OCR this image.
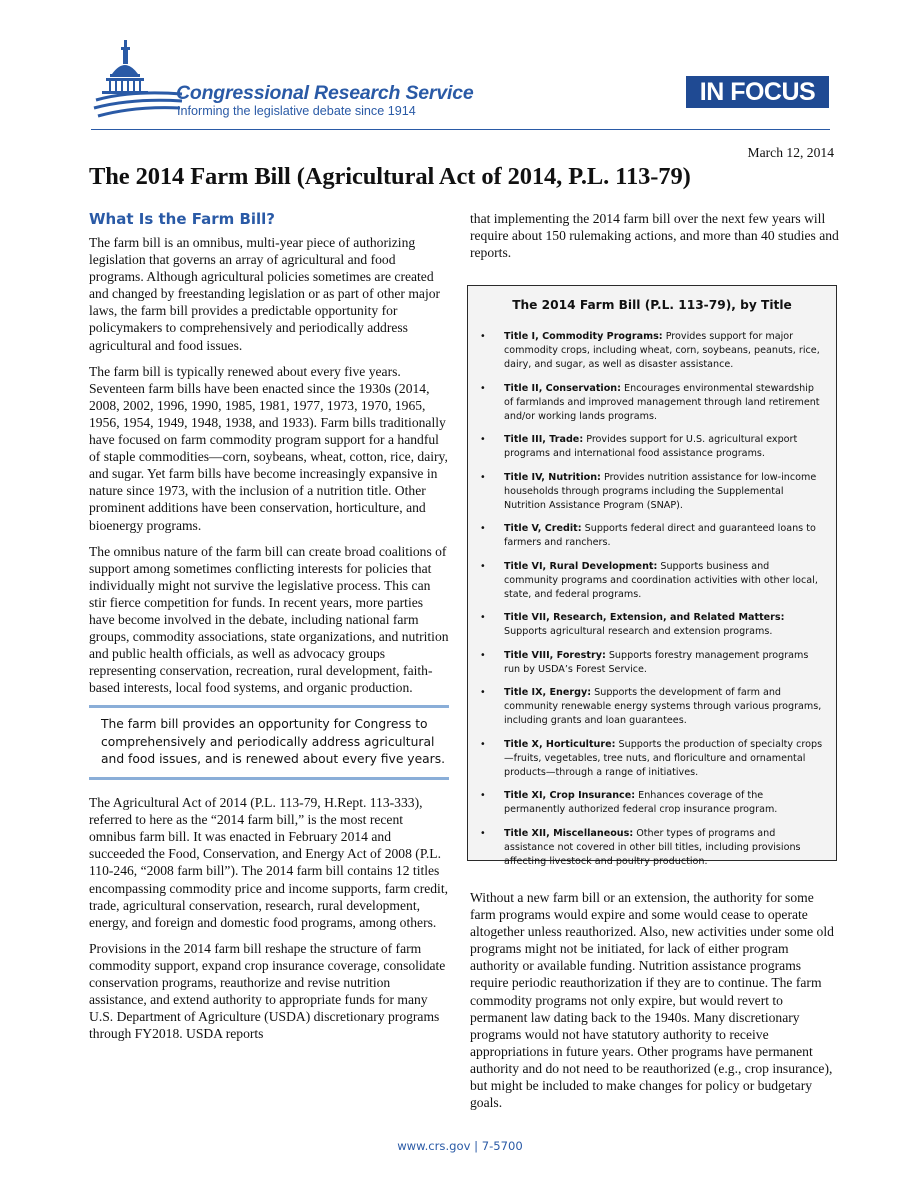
Congressional Research Service
Informing the legislative debate since 1914
IN FOCUS
March 12, 2014
The 2014 Farm Bill (Agricultural Act of 2014, P.L. 113-79)
What Is the Farm Bill?

The farm bill is an omnibus, multi-year piece of authorizing legislation that governs an array of agricultural and food programs. Although agricultural policies sometimes are created and changed by freestanding legislation or as part of other major laws, the farm bill provides a predictable opportunity for policymakers to comprehensively and periodically address agricultural and food issues.

The farm bill is typically renewed about every five years. Seventeen farm bills have been enacted since the 1930s (2014, 2008, 2002, 1996, 1990, 1985, 1981, 1977, 1973, 1970, 1965, 1956, 1954, 1949, 1948, 1938, and 1933). Farm bills traditionally have focused on farm commodity program support for a handful of staple commodities—corn, soybeans, wheat, cotton, rice, dairy, and sugar. Yet farm bills have become increasingly expansive in nature since 1973, with the inclusion of a nutrition title. Other prominent additions have been conservation, horticulture, and bioenergy programs.

The omnibus nature of the farm bill can create broad coalitions of support among sometimes conflicting interests for policies that individually might not survive the legislative process. This can stir fierce competition for funds. In recent years, more parties have become involved in the debate, including national farm groups, commodity associations, state organizations, and nutrition and public health officials, as well as advocacy groups representing conservation, recreation, rural development, faith-based interests, local food systems, and organic production.

The farm bill provides an opportunity for Congress to comprehensively and periodically address agricultural and food issues, and is renewed about every five years.

The Agricultural Act of 2014 (P.L. 113-79, H.Rept. 113-333), referred to here as the “2014 farm bill,” is the most recent omnibus farm bill. It was enacted in February 2014 and succeeded the Food, Conservation, and Energy Act of 2008 (P.L. 110-246, “2008 farm bill”). The 2014 farm bill contains 12 titles encompassing commodity price and income supports, farm credit, trade, agricultural conservation, research, rural development, energy, and foreign and domestic food programs, among others.

Provisions in the 2014 farm bill reshape the structure of farm commodity support, expand crop insurance coverage, consolidate conservation programs, reauthorize and revise nutrition assistance, and extend authority to appropriate funds for many U.S. Department of Agriculture (USDA) discretionary programs through FY2018. USDA reports

that implementing the 2014 farm bill over the next few years will require about 150 rulemaking actions, and more than 40 studies and reports.

The 2014 Farm Bill (P.L. 113-79), by Title
• Title I, Commodity Programs: Provides support for major commodity crops, including wheat, corn, soybeans, peanuts, rice, dairy, and sugar, as well as disaster assistance.
• Title II, Conservation: Encourages environmental stewardship of farmlands and improved management through land retirement and/or working lands programs.
• Title III, Trade: Provides support for U.S. agricultural export programs and international food assistance programs.
• Title IV, Nutrition: Provides nutrition assistance for low-income households through programs including the Supplemental Nutrition Assistance Program (SNAP).
• Title V, Credit: Supports federal direct and guaranteed loans to farmers and ranchers.
• Title VI, Rural Development: Supports business and community programs and coordination activities with other local, state, and federal programs.
• Title VII, Research, Extension, and Related Matters: Supports agricultural research and extension programs.
• Title VIII, Forestry: Supports forestry management programs run by USDA’s Forest Service.
• Title IX, Energy: Supports the development of farm and community renewable energy systems through various programs, including grants and loan guarantees.
• Title X, Horticulture: Supports the production of specialty crops—fruits, vegetables, tree nuts, and floriculture and ornamental products—through a range of initiatives.
• Title XI, Crop Insurance: Enhances coverage of the permanently authorized federal crop insurance program.
• Title XII, Miscellaneous: Other types of programs and assistance not covered in other bill titles, including provisions affecting livestock and poultry production.

Without a new farm bill or an extension, the authority for some farm programs would expire and some would cease to operate altogether unless reauthorized. Also, new activities under some old programs might not be initiated, for lack of either program authority or available funding. Nutrition assistance programs require periodic reauthorization if they are to continue. The farm commodity programs not only expire, but would revert to permanent law dating back to the 1940s. Many discretionary programs would not have statutory authority to receive appropriations in future years. Other programs have permanent authority and do not need to be reauthorized (e.g., crop insurance), but might be included to make changes for policy or budgetary goals.

www.crs.gov | 7-5700
